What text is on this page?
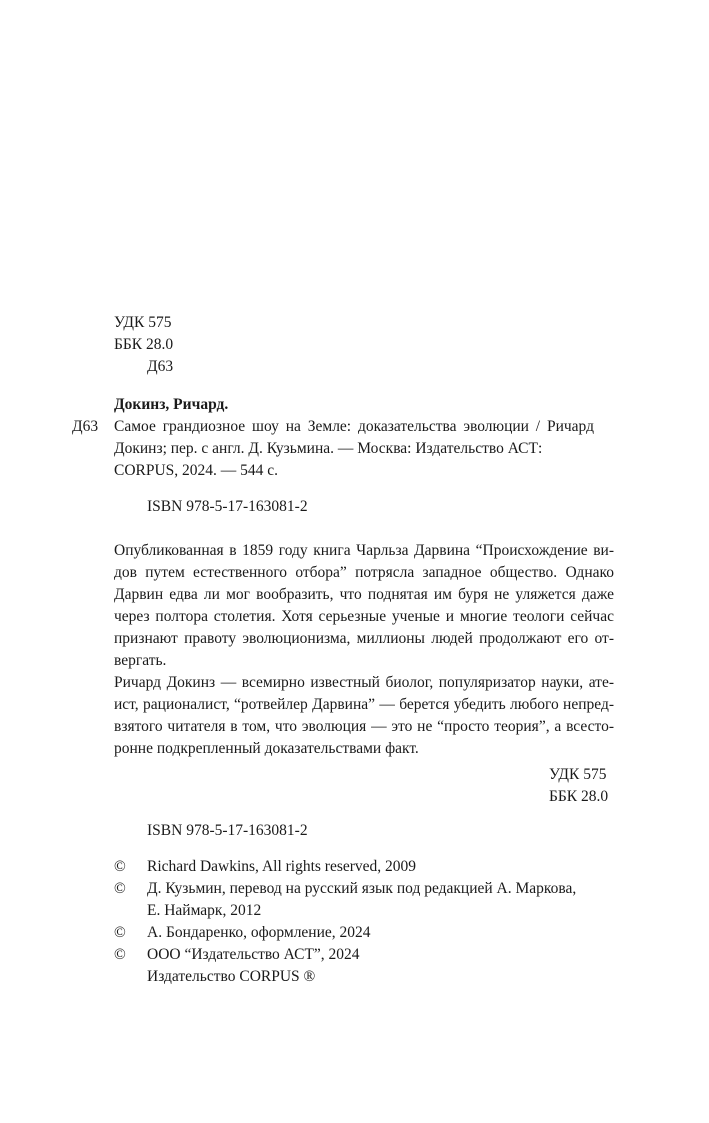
УДК 575
ББК 28.0
Д63
Докинз, Ричард.
Д63 Самое грандиозное шоу на Земле: доказательства эволюции / Ричард
Докинз; пер. с англ. Д. Кузьмина. — Москва: Издательство АСТ:
CORPUS, 2024. — 544 с.
ISBN 978-5-17-163081-2
Опубликованная в 1859 году книга Чарльза Дарвина “Происхождение ви-
дов путем естественного отбора” потрясла западное общество. Однако
Дарвин едва ли мог вообразить, что поднятая им буря не уляжется даже
через полтора столетия. Хотя серьезные ученые и многие теологи сейчас
признают правоту эволюционизма, миллионы людей продолжают его от-
вергать.
Ричард Докинз — всемирно известный биолог, популяризатор науки, ате-
ист, рационалист, “ротвейлер Дарвина” — берется убедить любого непред-
взятого читателя в том, что эволюция — это не “просто теория”, а всесто-
ронне подкрепленный доказательствами факт.
УДК 575
ББК 28.0
ISBN 978-5-17-163081-2
© Richard Dawkins, All rights reserved, 2009
© Д. Кузьмин, перевод на русский язык под редакцией А. Маркова,
Е. Наймарк, 2012
© А. Бондаренко, оформление, 2024
© ООО “Издательство АСТ”, 2024
Издательство CORPUS ®
